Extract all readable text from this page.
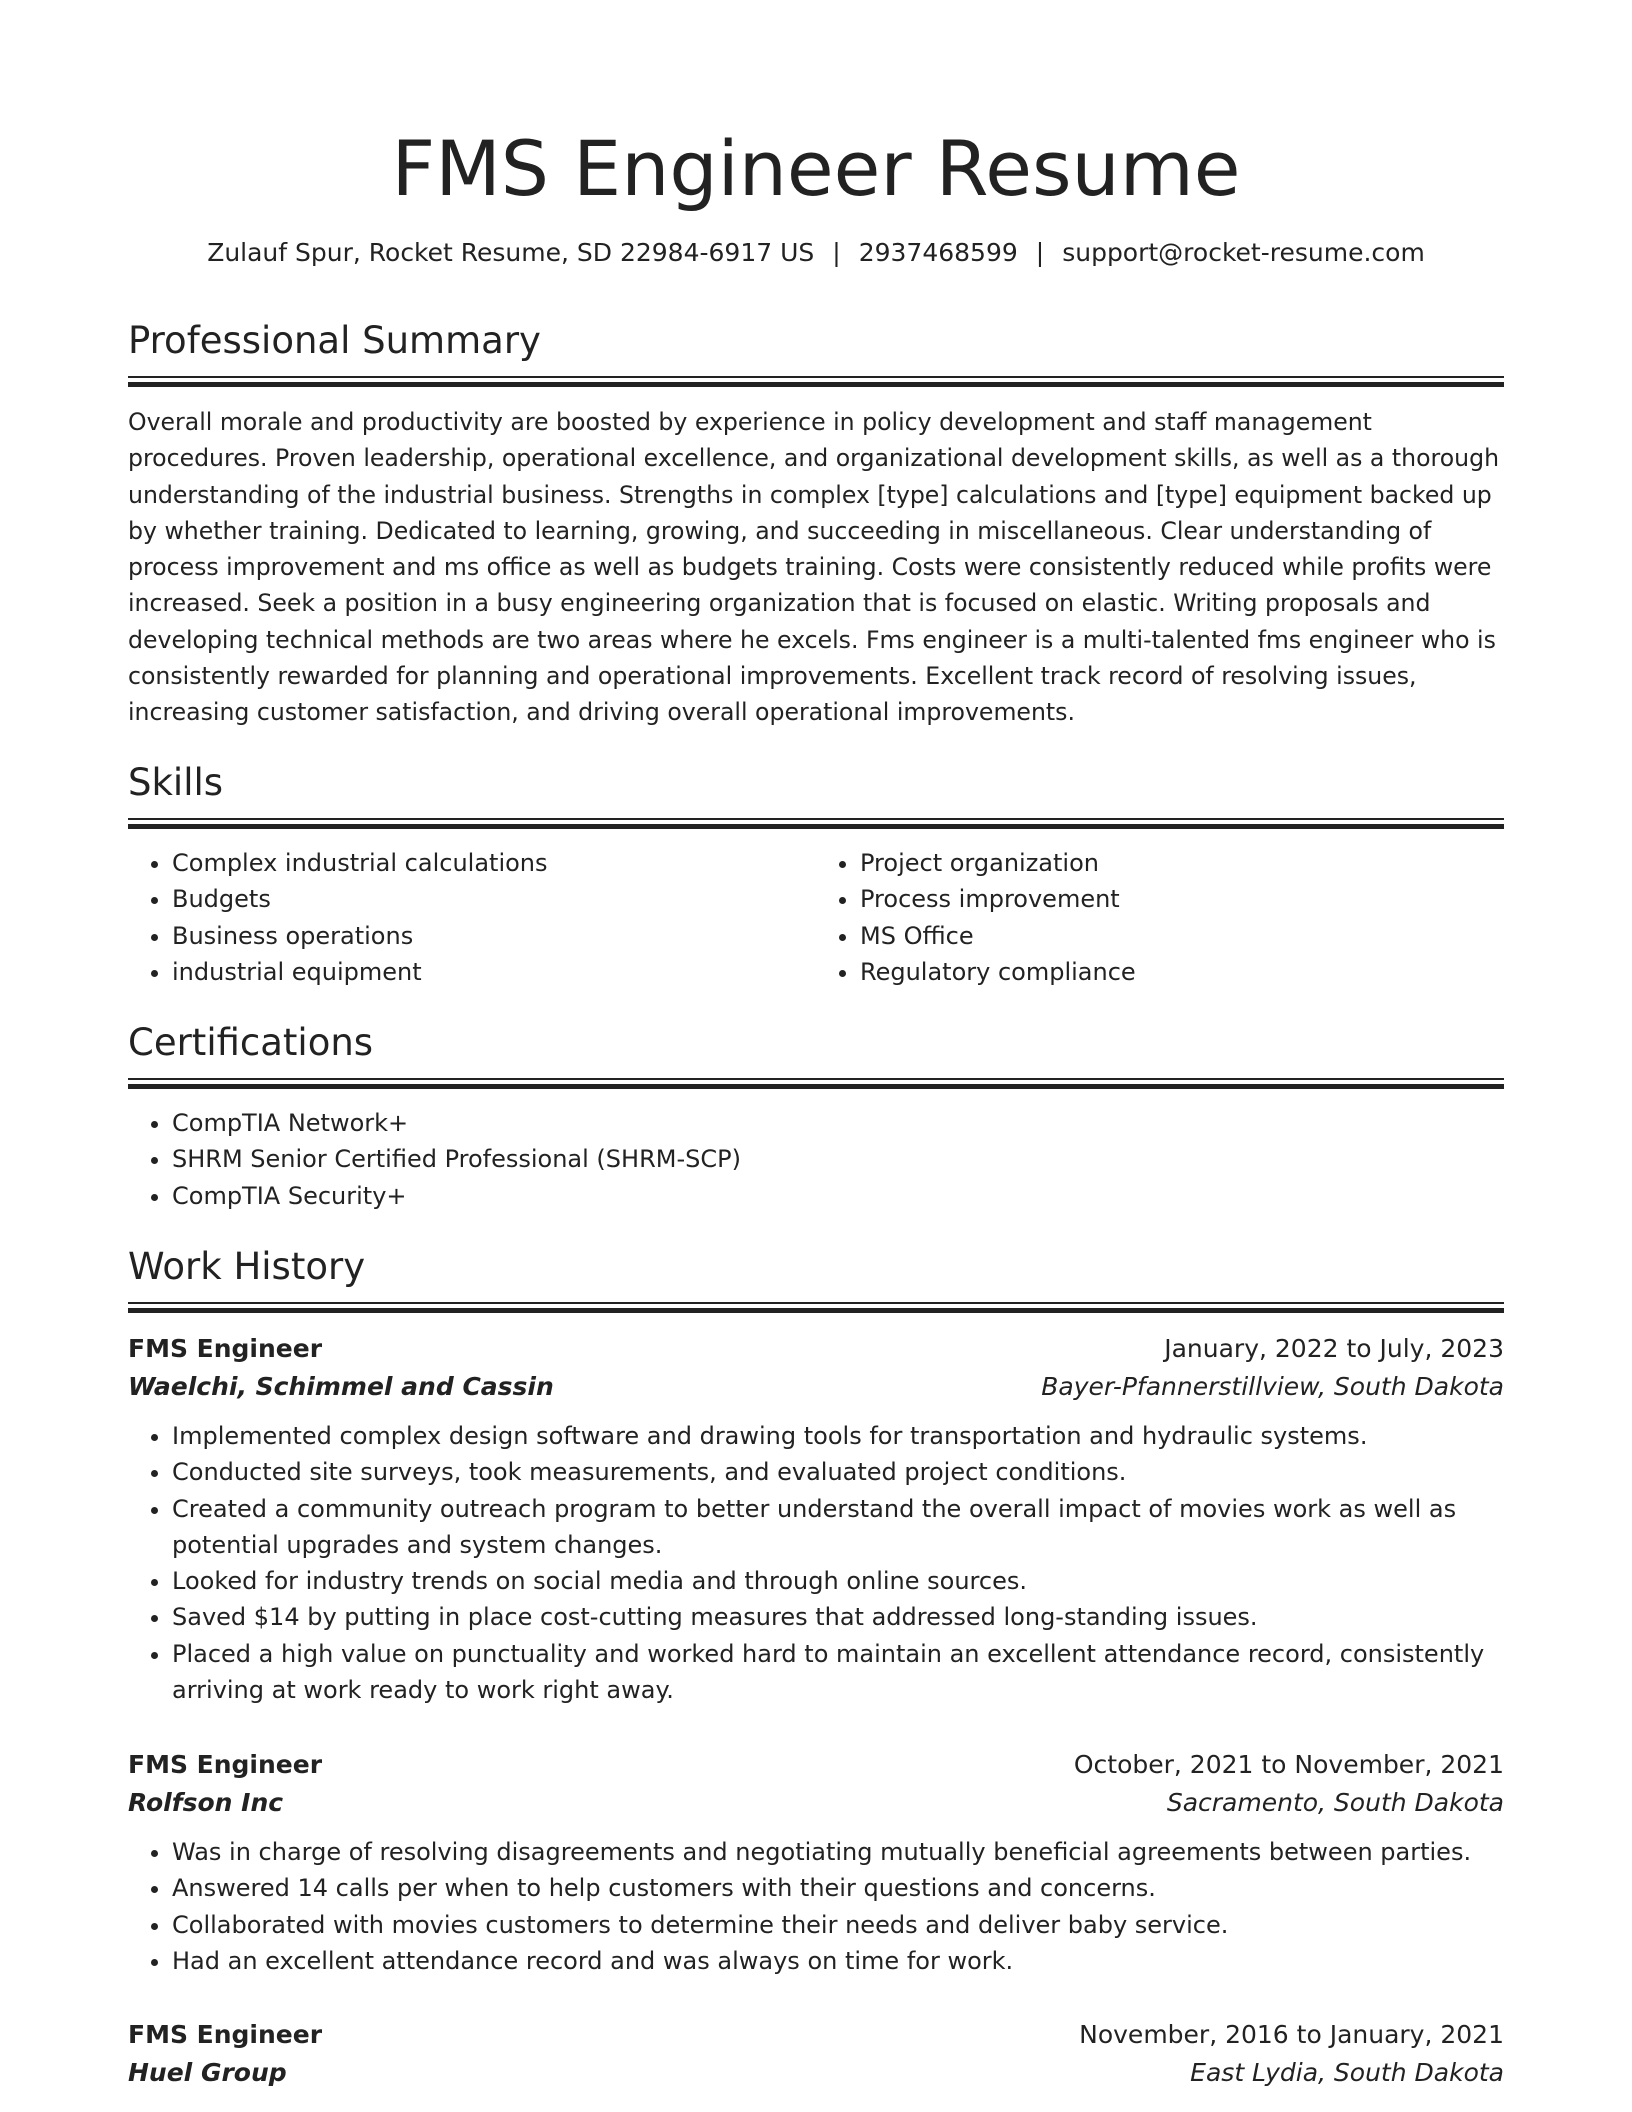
FMS Engineer Resume
Zulauf Spur, Rocket Resume, SD 22984-6917 US | 2937468599 | support@rocket-resume.com
Professional Summary

Overall morale and productivity are boosted by experience in policy development and staff management procedures. Proven leadership, operational excellence, and organizational development skills, as well as a thorough understanding of the industrial business. Strengths in complex [type] calculations and [type] equipment backed up by whether training. Dedicated to learning, growing, and succeeding in miscellaneous. Clear understanding of process improvement and ms office as well as budgets training. Costs were consistently reduced while profits were increased. Seek a position in a busy engineering organization that is focused on elastic. Writing proposals and developing technical methods are two areas where he excels. Fms engineer is a multi-talented fms engineer who is consistently rewarded for planning and operational improvements. Excellent track record of resolving issues, increasing customer satisfaction, and driving overall operational improvements.

Skills
• Complex industrial calculations
• Budgets
• Business operations
• industrial equipment
• Project organization
• Process improvement
• MS Office
• Regulatory compliance
Certifications
• CompTIA Network+
• SHRM Senior Certified Professional (SHRM-SCP)
• CompTIA Security+
Work History
FMS Engineer	January, 2022 to July, 2023
Waelchi, Schimmel and Cassin	Bayer-Pfannerstillview, South Dakota
• Implemented complex design software and drawing tools for transportation and hydraulic systems.
• Conducted site surveys, took measurements, and evaluated project conditions.
• Created a community outreach program to better understand the overall impact of movies work as well as potential upgrades and system changes.
• Looked for industry trends on social media and through online sources.
• Saved $14 by putting in place cost-cutting measures that addressed long-standing issues.
• Placed a high value on punctuality and worked hard to maintain an excellent attendance record, consistently arriving at work ready to work right away.
FMS Engineer	October, 2021 to November, 2021
Rolfson Inc	Sacramento, South Dakota
• Was in charge of resolving disagreements and negotiating mutually beneficial agreements between parties.
• Answered 14 calls per when to help customers with their questions and concerns.
• Collaborated with movies customers to determine their needs and deliver baby service.
• Had an excellent attendance record and was always on time for work.
FMS Engineer	November, 2016 to January, 2021
Huel Group	East Lydia, South Dakota
